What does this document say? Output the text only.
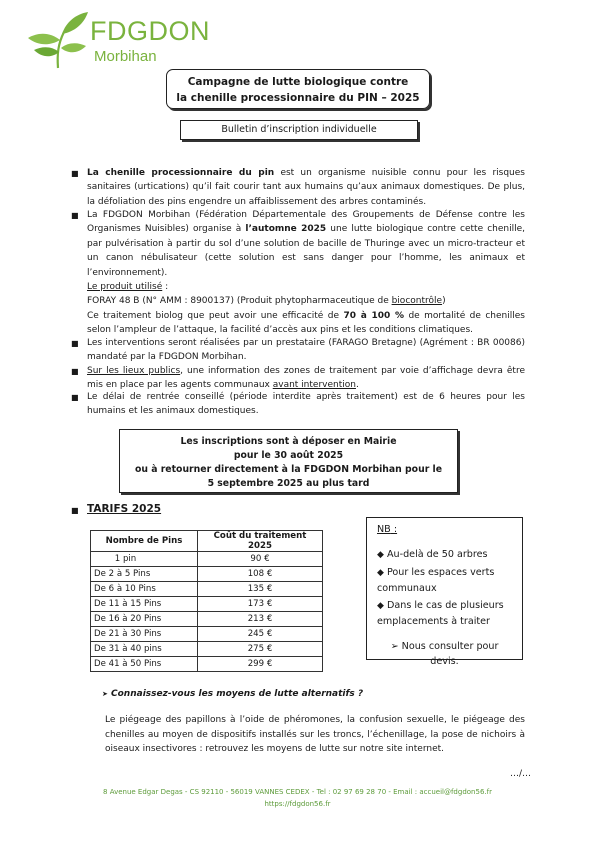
FDGDON
Morbihan
Campagne de lutte biologique contre
la chenille processionnaire du PIN – 2025
Bulletin d’inscription individuelle
■ La chenille processionnaire du pin est un organisme nuisible connu pour les risques sanitaires (urtications) qu’il fait courir tant aux humains qu’aux animaux domestiques. De plus, la défoliation des pins engendre un affaiblissement des arbres contaminés.
■ La FDGDON Morbihan (Fédération Départementale des Groupements de Défense contre les Organismes Nuisibles) organise à l’automne 2025 une lutte biologique contre cette chenille, par pulvérisation à partir du sol d’une solution de bacille de Thuringe avec un micro-tracteur et un canon nébulisateur (cette solution est sans danger pour l’homme, les animaux et l’environnement).
Le produit utilisé :
FORAY 48 B (N° AMM : 8900137) (Produit phytopharmaceutique de biocontrôle)
Ce traitement biolog que peut avoir une efficacité de 70 à 100 % de mortalité de chenilles selon l’ampleur de l’attaque, la facilité d’accès aux pins et les conditions climatiques.
■ Les interventions seront réalisées par un prestataire (FARAGO Bretagne) (Agrément : BR 00086) mandaté par la FDGDON Morbihan.
■ Sur les lieux publics, une information des zones de traitement par voie d’affichage devra être mis en place par les agents communaux avant intervention.
■ Le délai de rentrée conseillé (période interdite après traitement) est de 6 heures pour les humains et les animaux domestiques.
Les inscriptions sont à déposer en Mairie
pour le 30 août 2025
ou à retourner directement à la FDGDON Morbihan pour le
5 septembre 2025 au plus tard
■ TARIFS 2025
Nombre de Pins	Coût du traitement 2025
1 pin	90 €
De 2 à 5 Pins	108 €
De 6 à 10 Pins	135 €
De 11 à 15 Pins	173 €
De 16 à 20 Pins	213 €
De 21 à 30 Pins	245 €
De 31 à 40 pins	275 €
De 41 à 50 Pins	299 €
NB :
◆ Au-delà de 50 arbres
◆ Pour les espaces verts communaux
◆ Dans le cas de plusieurs emplacements à traiter
➢ Nous consulter pour devis.
➤ Connaissez-vous les moyens de lutte alternatifs ?
Le piégeage des papillons à l’oide de phéromones, la confusion sexuelle, le piégeage des chenilles au moyen de dispositifs installés sur les troncs, l’échenillage, la pose de nichoirs à oiseaux insectivores : retrouvez les moyens de lutte sur notre site internet.
…/…
8 Avenue Edgar Degas - CS 92110 - 56019 VANNES CEDEX - Tel : 02 97 69 28 70 - Email : accueil@fdgdon56.fr
https://fdgdon56.fr
